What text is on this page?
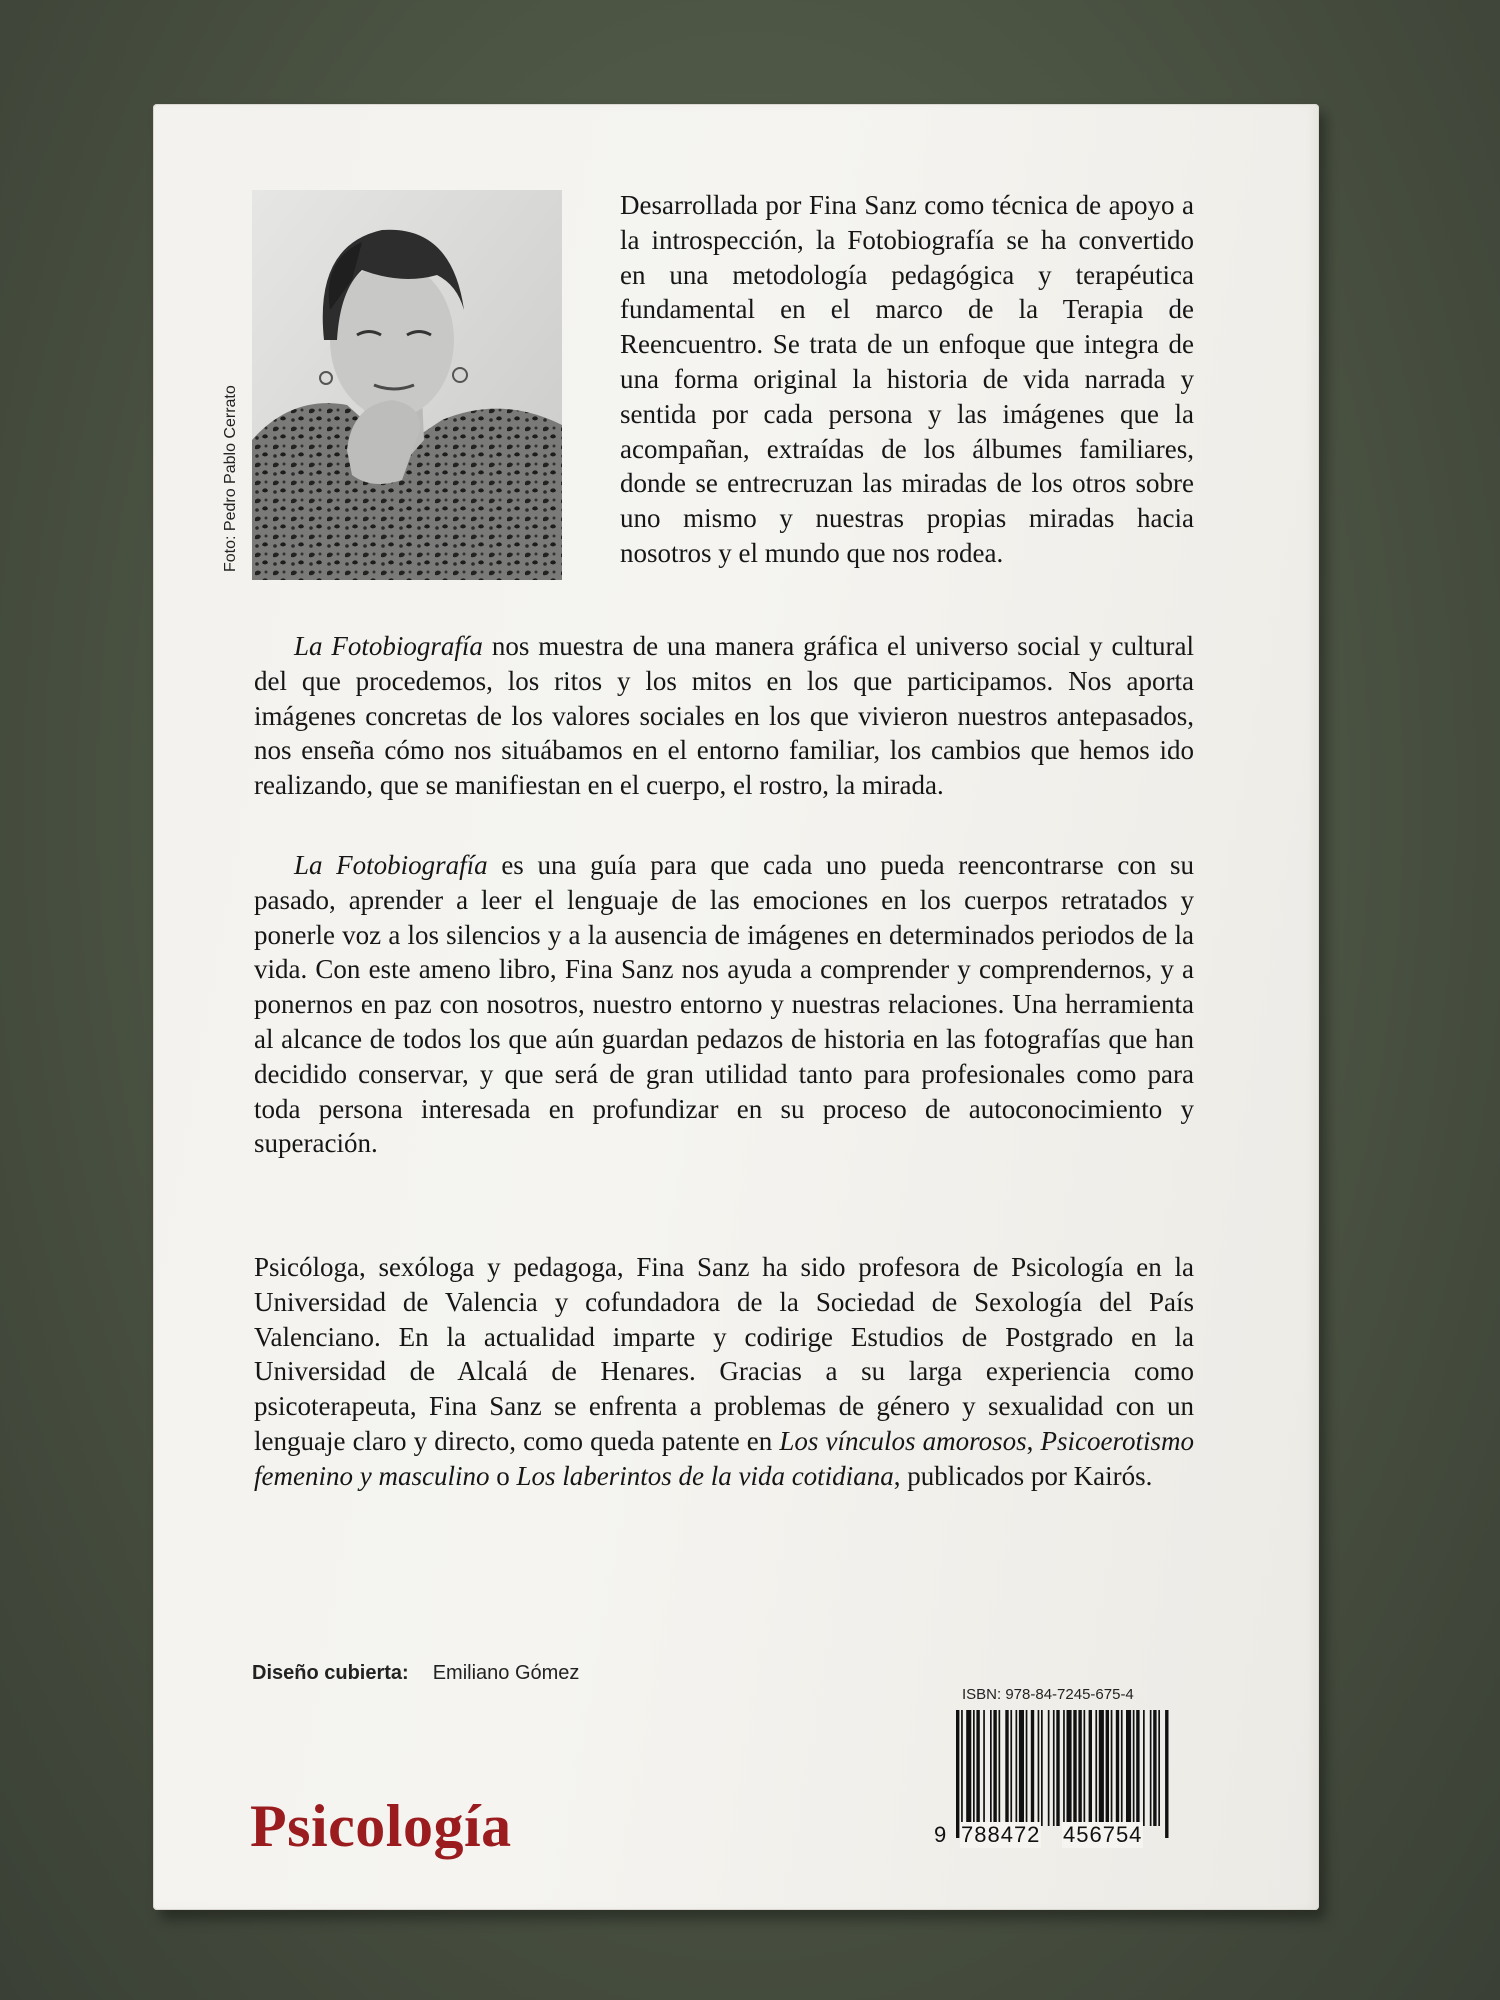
Foto: Pedro Pablo Cerrato

Desarrollada por Fina Sanz como técnica de apoyo a la introspección, la Fotobiografía se ha convertido en una metodología pedagógica y terapéutica fundamental en el marco de la Terapia de Reencuentro. Se trata de un enfoque que integra de una forma original la historia de vida narrada y sentida por cada persona y las imágenes que la acompañan, extraídas de los álbumes familiares, donde se entrecruzan las miradas de los otros sobre uno mismo y nuestras propias miradas hacia nosotros y el mundo que nos rodea.

La Fotobiografía nos muestra de una manera gráfica el universo social y cultural del que procedemos, los ritos y los mitos en los que participamos. Nos aporta imágenes concretas de los valores sociales en los que vivieron nuestros antepasados, nos enseña cómo nos situábamos en el entorno familiar, los cambios que hemos ido realizando, que se manifiestan en el cuerpo, el rostro, la mirada.

La Fotobiografía es una guía para que cada uno pueda reencontrarse con su pasado, aprender a leer el lenguaje de las emociones en los cuerpos retratados y ponerle voz a los silencios y a la ausencia de imágenes en determinados periodos de la vida. Con este ameno libro, Fina Sanz nos ayuda a comprender y comprendernos, y a ponernos en paz con nosotros, nuestro entorno y nuestras relaciones. Una herramienta al alcance de todos los que aún guardan pedazos de historia en las fotografías que han decidido conservar, y que será de gran utilidad tanto para profesionales como para toda persona interesada en profundizar en su proceso de autoconocimiento y superación.

Psicóloga, sexóloga y pedagoga, Fina Sanz ha sido profesora de Psicología en la Universidad de Valencia y cofundadora de la Sociedad de Sexología del País Valenciano. En la actualidad imparte y codirige Estudios de Postgrado en la Universidad de Alcalá de Henares. Gracias a su larga experiencia como psicoterapeuta, Fina Sanz se enfrenta a problemas de género y sexualidad con un lenguaje claro y directo, como queda patente en Los vínculos amorosos, Psicoerotismo femenino y masculino o Los laberintos de la vida cotidiana, publicados por Kairós.

Diseño cubierta: Emiliano Gómez
ISBN: 978-84-7245-675-4
9 788472 456754
Psicología
